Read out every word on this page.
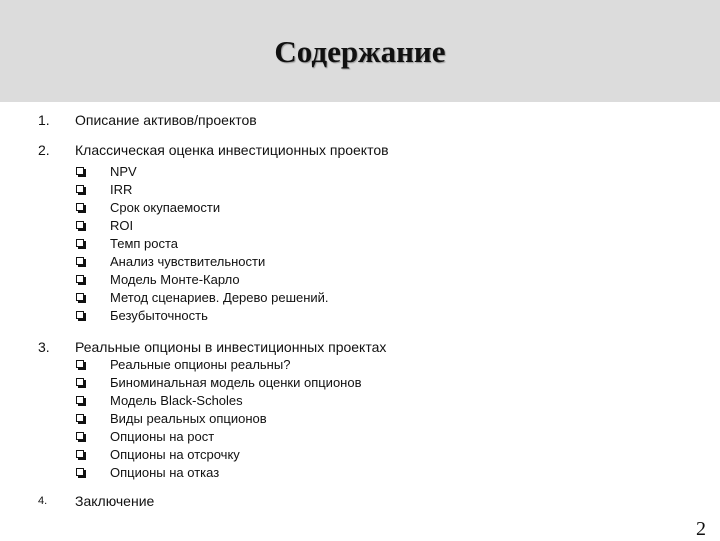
Содержание
1. Описание активов/проектов
2. Классическая оценка инвестиционных проектов
NPV
IRR
Срок окупаемости
ROI
Темп роста
Анализ чувствительности
Модель Монте-Карло
Метод сценариев. Дерево решений.
Безубыточность
3. Реальные опционы в инвестиционных проектах
Реальные опционы реальны?
Биноминальная модель оценки опционов
Модель Black-Scholes
Виды реальных опционов
Опционы на рост
Опционы на отсрочку
Опционы на отказ
4. Заключение
2
